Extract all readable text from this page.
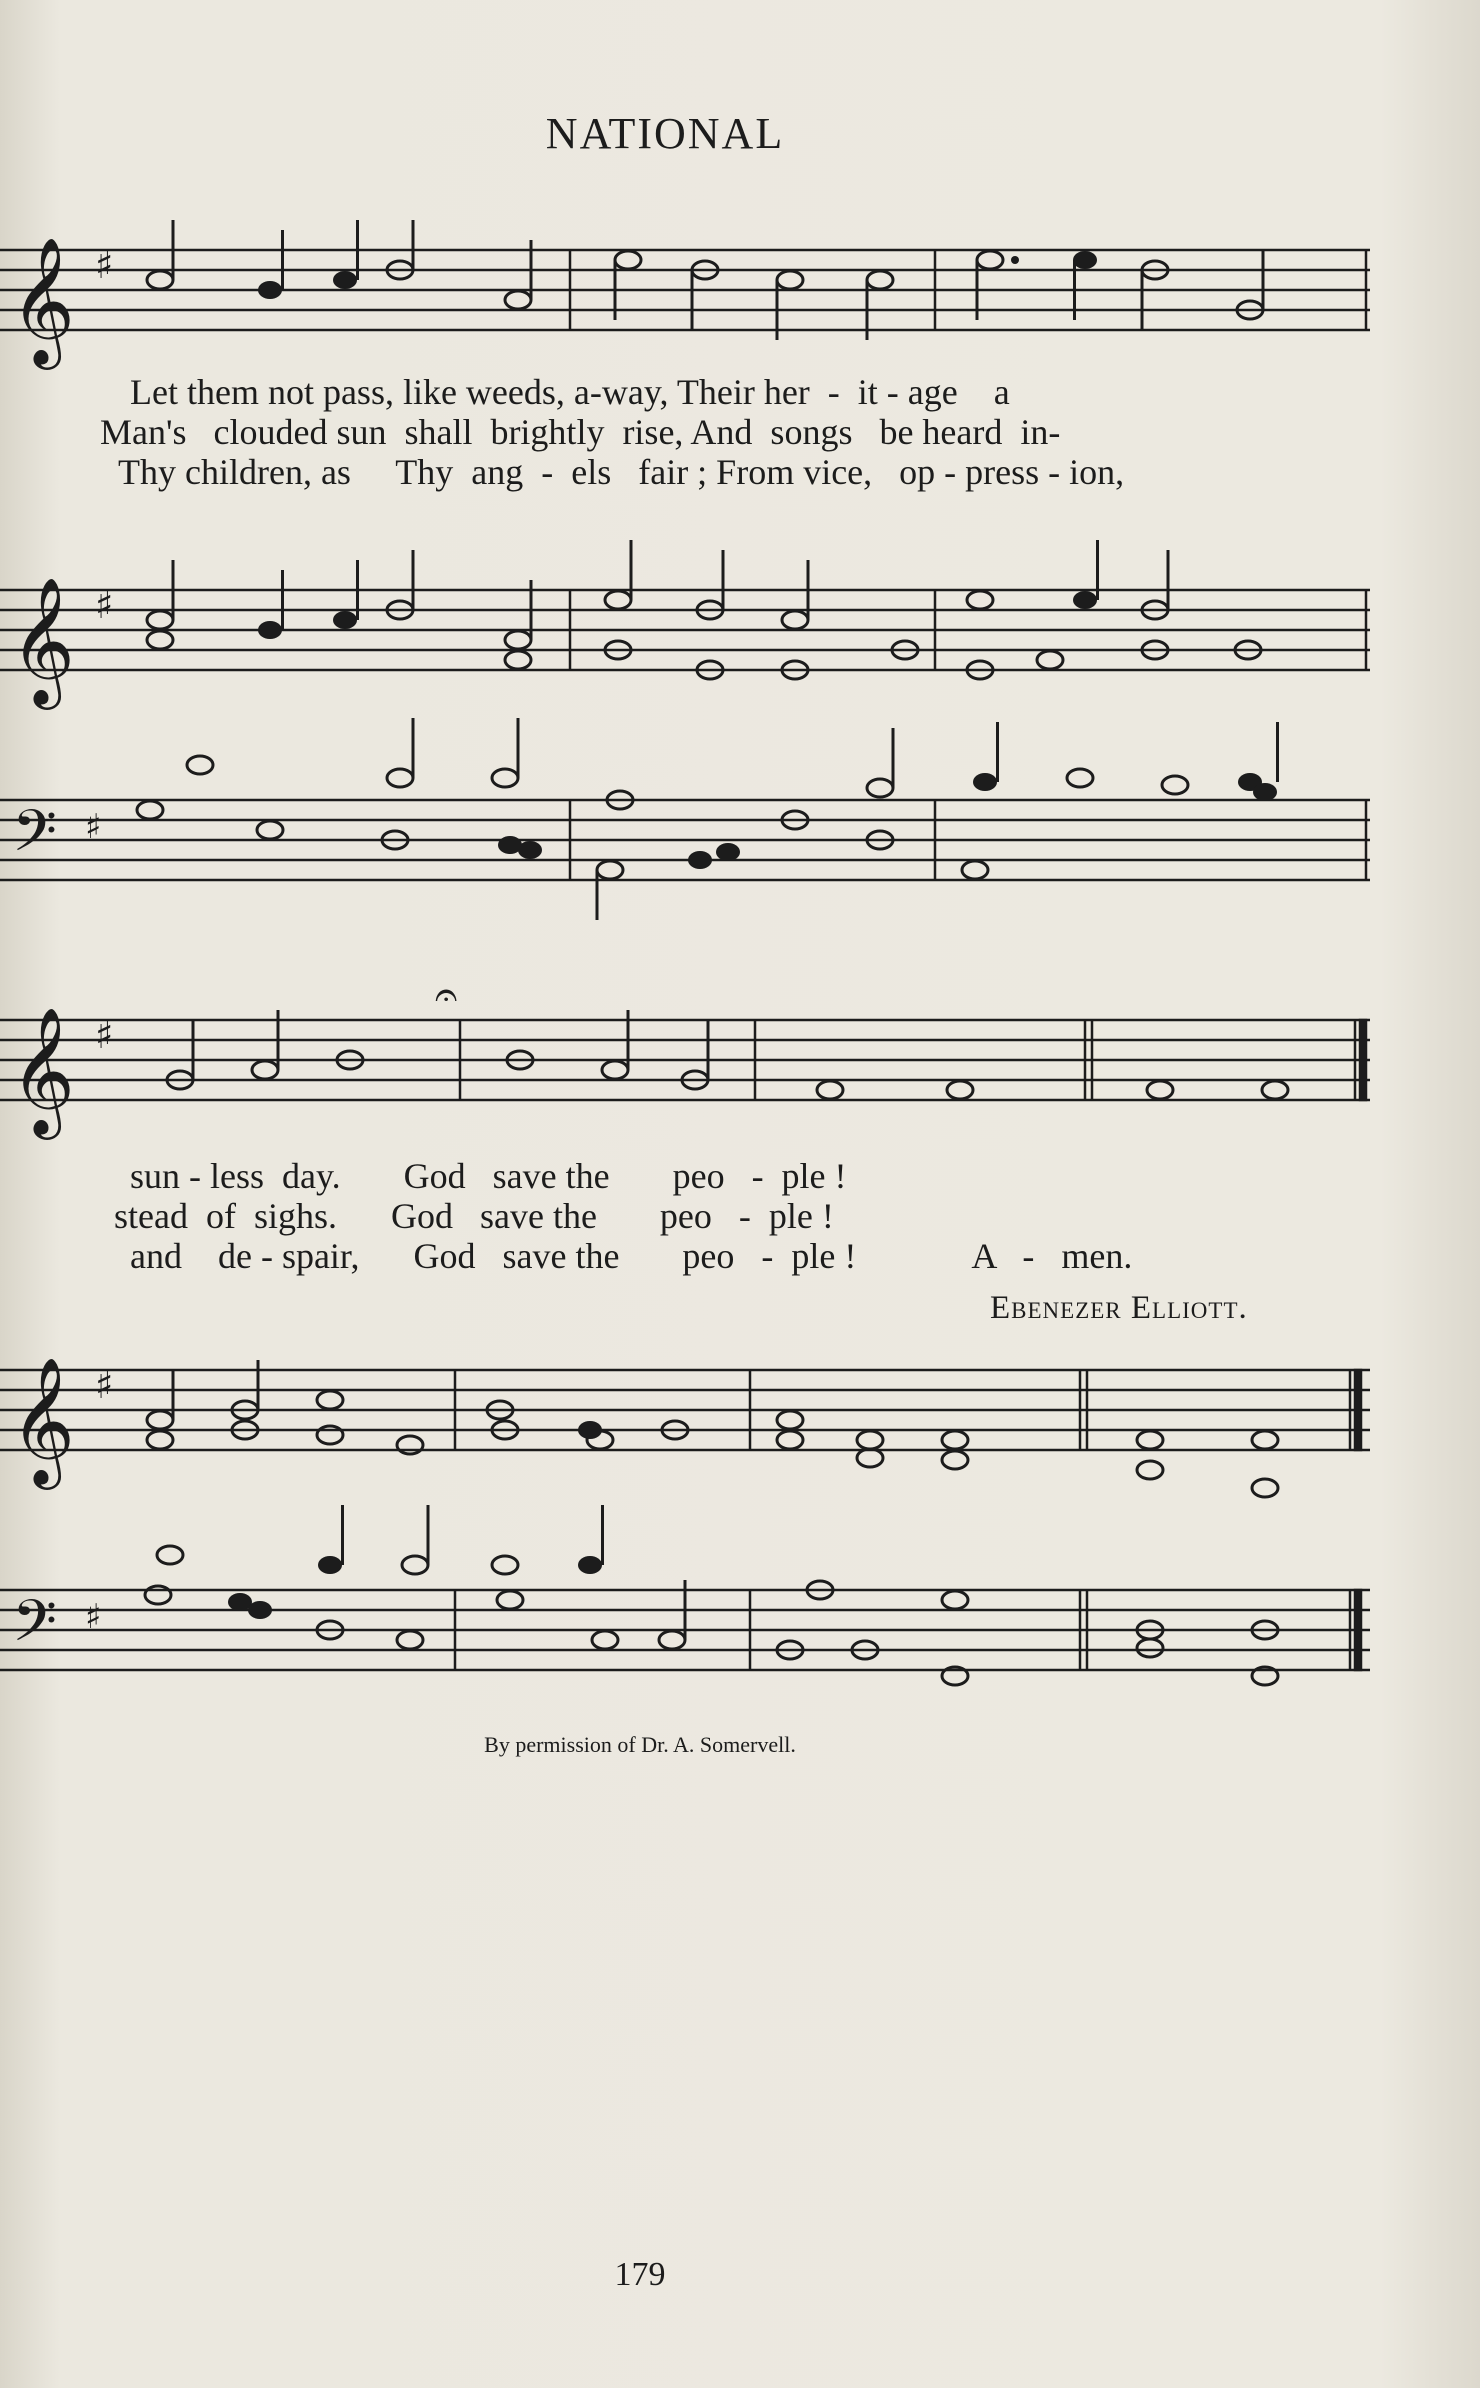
NATIONAL
𝄞 ♯
Let them not pass, like weeds, a-way, Their her  -  it - age    a
Man's   clouded sun  shall  brightly  rise, And  songs   be heard  in-
Thy children, as     Thy  ang  -  els   fair ; From vice,   op - press - ion,
𝄞 ♯
𝄢 ♯
𝄞 ♯
𝄐
sun - less  day.       God   save the       peo   -  ple !
stead  of  sighs.      God   save the       peo   -  ple !
and    de - spair,      God   save the       peo   -  ple !             A   -   men.
Ebenezer Elliott.
𝄞 ♯
𝄢 ♯
By permission of Dr. A. Somervell.
179
